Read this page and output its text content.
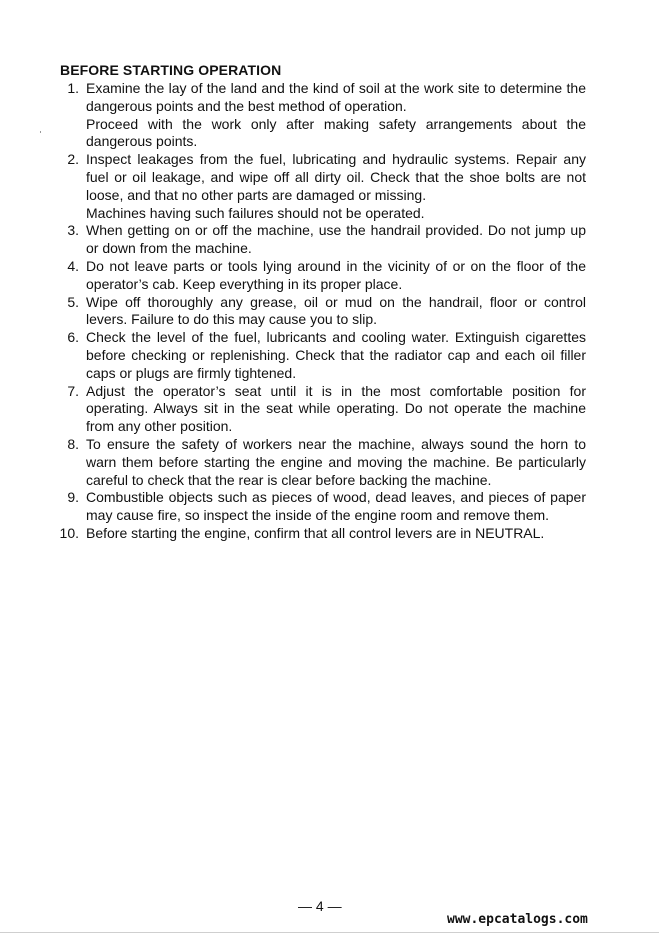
BEFORE STARTING OPERATION
1. Examine the lay of the land and the kind of soil at the work site to determine the dangerous points and the best method of operation.

Proceed with the work only after making safety arrangements about the dangerous points.

2. Inspect leakages from the fuel, lubricating and hydraulic systems. Repair any fuel or oil leakage, and wipe off all dirty oil. Check that the shoe bolts are not loose, and that no other parts are damaged or missing.

Machines having such failures should not be operated.

3. When getting on or off the machine, use the handrail provided. Do not jump up or down from the machine.

4. Do not leave parts or tools lying around in the vicinity of or on the floor of the operator’s cab. Keep everything in its proper place.

5. Wipe off thoroughly any grease, oil or mud on the handrail, floor or control levers. Failure to do this may cause you to slip.

6. Check the level of the fuel, lubricants and cooling water. Extinguish cigarettes before checking or replenishing. Check that the radiator cap and each oil filler caps or plugs are firmly tightened.

7. Adjust the operator’s seat until it is in the most comfortable position for operating. Always sit in the seat while operating. Do not operate the machine from any other position.

8. To ensure the safety of workers near the machine, always sound the horn to warn them before starting the engine and moving the machine. Be particularly careful to check that the rear is clear before backing the machine.

9. Combustible objects such as pieces of wood, dead leaves, and pieces of paper may cause fire, so inspect the inside of the engine room and remove them.

10. Before starting the engine, confirm that all control levers are in NEUTRAL.

— 4 —
www.epcatalogs.com
